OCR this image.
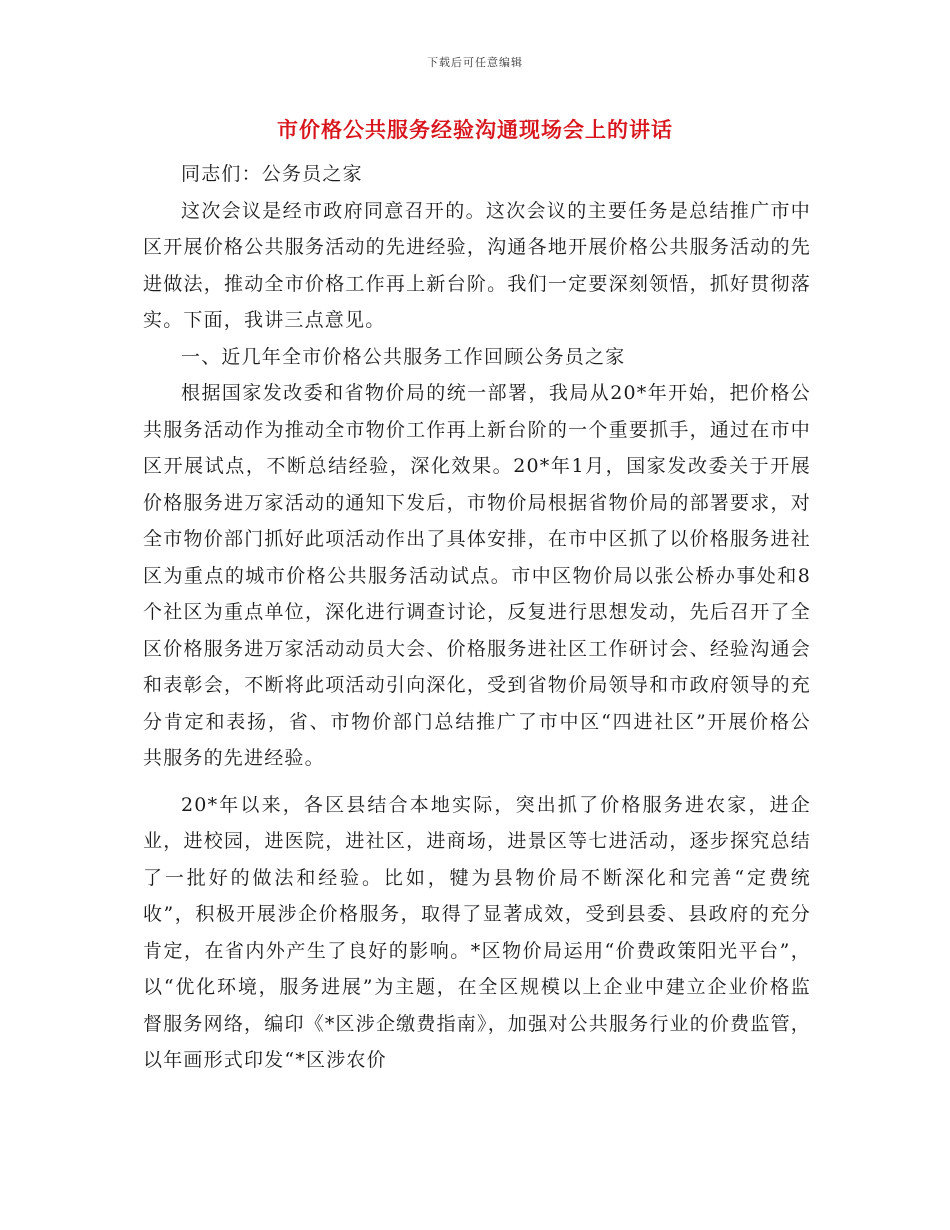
下载后可任意编辑
市价格公共服务经验沟通现场会上的讲话

同志们：公务员之家

这次会议是经市政府同意召开的。这次会议的主要任务是总结推广市中区开展价格公共服务活动的先进经验，沟通各地开展价格公共服务活动的先进做法，推动全市价格工作再上新台阶。我们一定要深刻领悟，抓好贯彻落实。下面，我讲三点意见。

一、近几年全市价格公共服务工作回顾公务员之家

根据国家发改委和省物价局的统一部署，我局从20*年开始，把价格公共服务活动作为推动全市物价工作再上新台阶的一个重要抓手，通过在市中区开展试点，不断总结经验，深化效果。20*年1月，国家发改委关于开展价格服务进万家活动的通知下发后，市物价局根据省物价局的部署要求，对全市物价部门抓好此项活动作出了具体安排，在市中区抓了以价格服务进社区为重点的城市价格公共服务活动试点。市中区物价局以张公桥办事处和8个社区为重点单位，深化进行调查讨论，反复进行思想发动，先后召开了全区价格服务进万家活动动员大会、价格服务进社区工作研讨会、经验沟通会和表彰会，不断将此项活动引向深化，受到省物价局领导和市政府领导的充分肯定和表扬，省、市物价部门总结推广了市中区“四进社区”开展价格公共服务的先进经验。

20*年以来，各区县结合本地实际，突出抓了价格服务进农家，进企业，进校园，进医院，进社区，进商场，进景区等七进活动，逐步探究总结了一批好的做法和经验。比如，犍为县物价局不断深化和完善“定费统收”，积极开展涉企价格服务，取得了显著成效，受到县委、县政府的充分肯定，在省内外产生了良好的影响。*区物价局运用“价费政策阳光平台”，以“优化环境，服务进展”为主题，在全区规模以上企业中建立企业价格监督服务网络，编印《*区涉企缴费指南》，加强对公共服务行业的价费监管，以年画形式印发“*区涉农价
